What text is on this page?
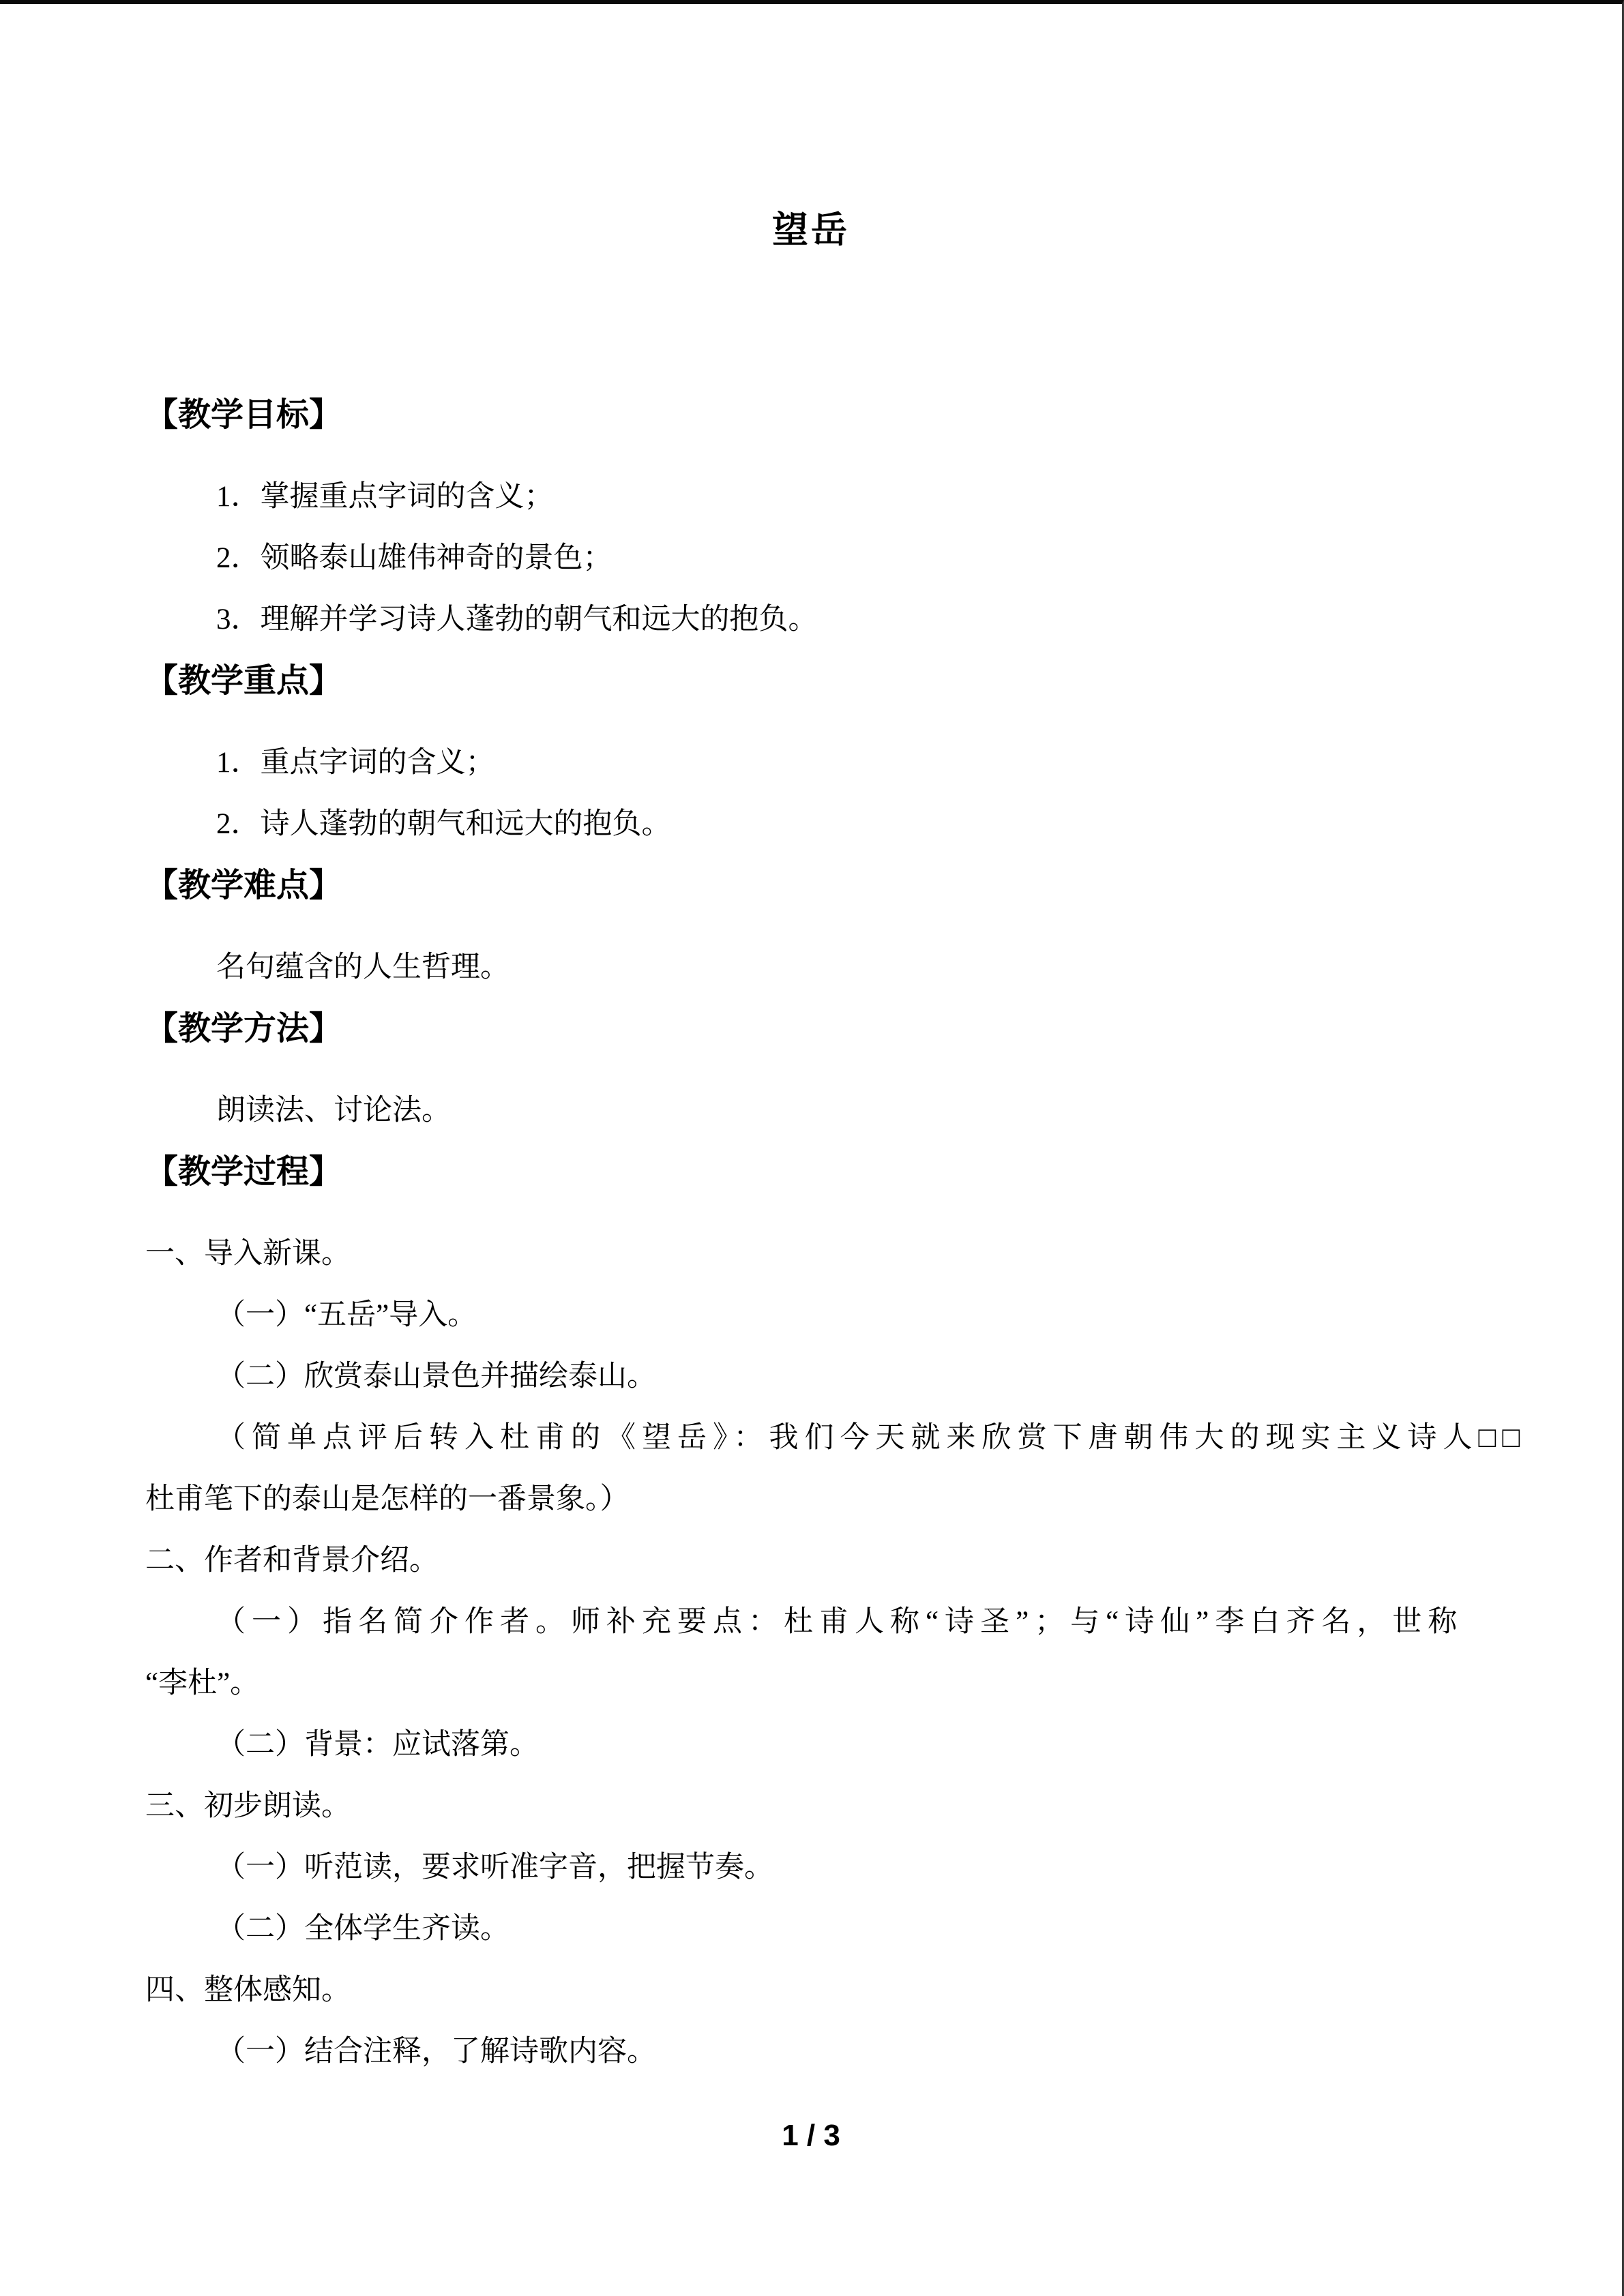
望岳
【教学目标】
1．掌握重点字词的含义；
2．领略泰山雄伟神奇的景色；
3．理解并学习诗人蓬勃的朝气和远大的抱负。
【教学重点】
1．重点字词的含义；
2．诗人蓬勃的朝气和远大的抱负。
【教学难点】
名句蕴含的人生哲理。
【教学方法】
朗读法、讨论法。
【教学过程】
一、导入新课。
（一）“五岳”导入。
（二）欣赏泰山景色并描绘泰山。
（简单点评后转入杜甫的《望岳》：我们今天就来欣赏下唐朝伟大的现实主义诗人□□
杜甫笔下的泰山是怎样的一番景象。）
二、作者和背景介绍。
（一）指名简介作者。师补充要点：杜甫人称“诗圣”；与“诗仙”李白齐名，世称
“李杜”。
（二）背景：应试落第。
三、初步朗读。
（一）听范读，要求听准字音，把握节奏。
（二）全体学生齐读。
四、整体感知。
（一）结合注释，了解诗歌内容。
1 / 3
